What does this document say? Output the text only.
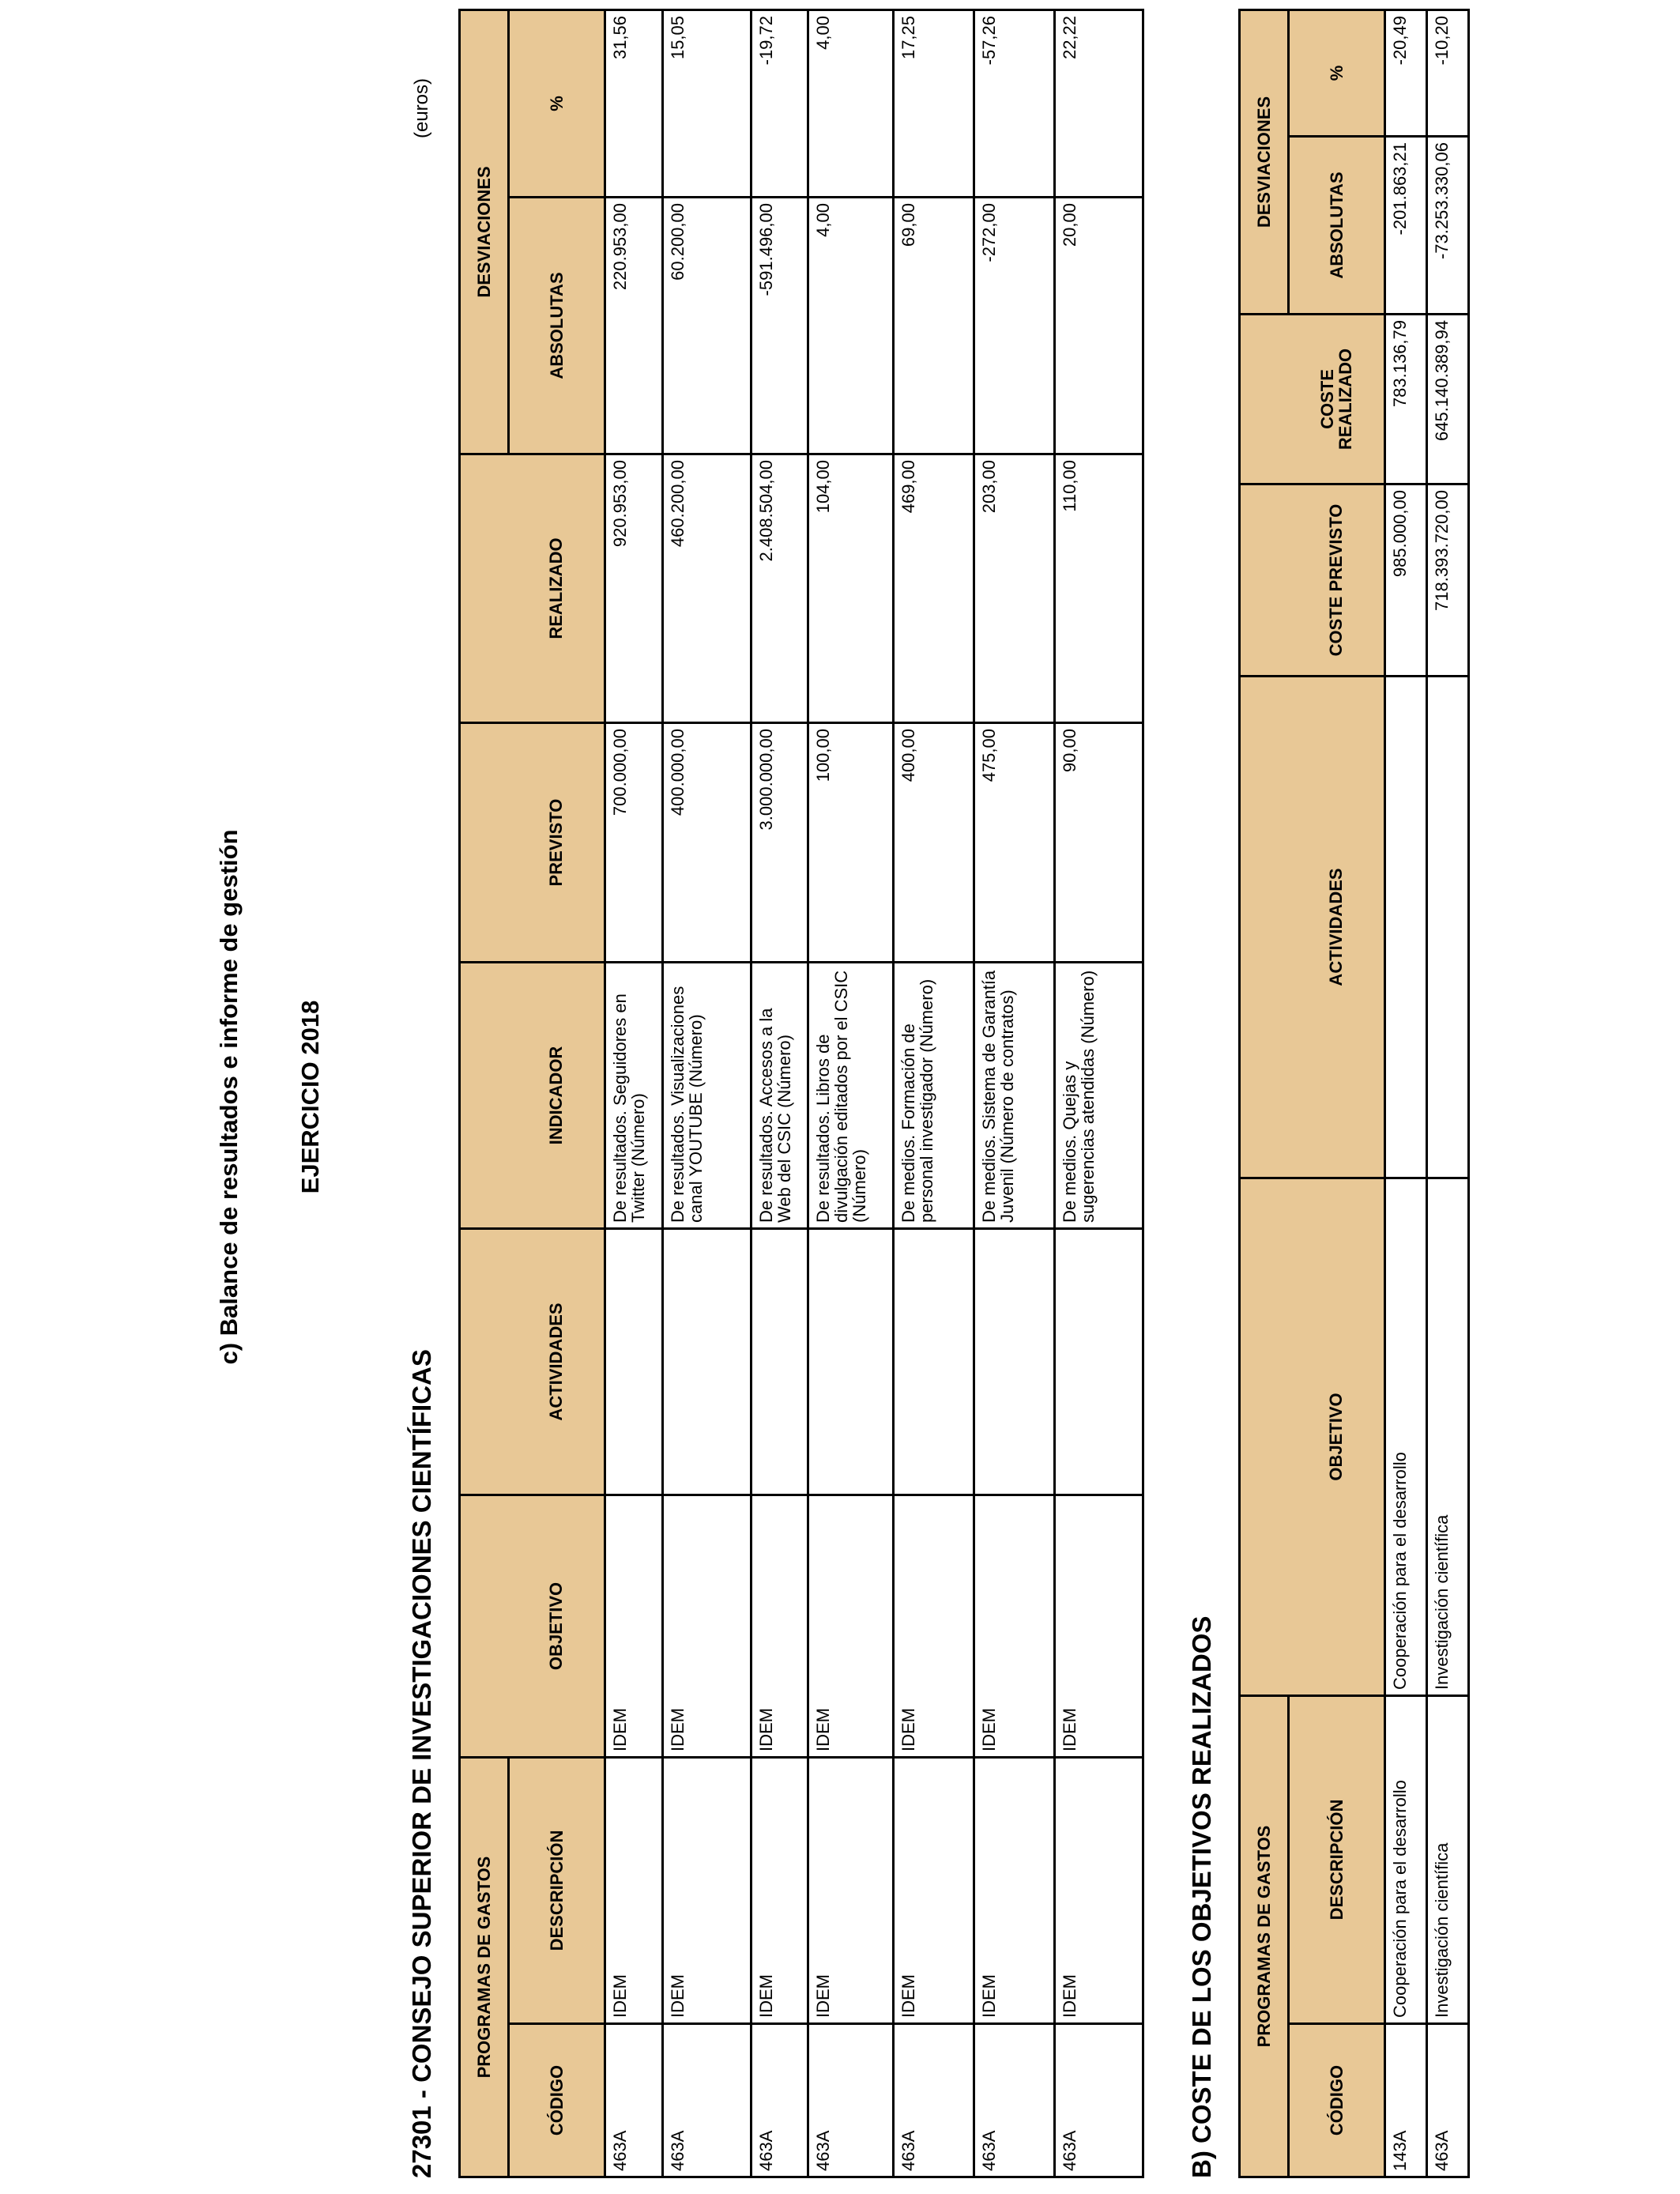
c) Balance de resultados e informe de gestión EJERCICIO 2018
27301 - CONSEJO SUPERIOR DE INVESTIGACIONES CIENTÍFICAS
(euros)
PROGRAMAS DE GASTOS							DESVIACIONES	
CÓDIGO	DESCRIPCIÓN	OBJETIVO	ACTIVIDADES	INDICADOR	PREVISTO	REALIZADO	ABSOLUTAS	%
463A	IDEM	IDEM		De resultados. Seguidores en Twitter (Número)	700.000,00	920.953,00	220.953,00	31,56
463A	IDEM	IDEM		De resultados. Visualizaciones canal YOUTUBE (Número)	400.000,00	460.200,00	60.200,00	15,05
463A	IDEM	IDEM		De resultados. Accesos a la Web del CSIC (Número)	3.000.000,00	2.408.504,00	-591.496,00	-19,72
463A	IDEM	IDEM		De resultados. Libros de divulgación editados por el CSIC (Número)	100,00	104,00	4,00	4,00
463A	IDEM	IDEM		De medios. Formación de personal investigador (Número)	400,00	469,00	69,00	17,25
463A	IDEM	IDEM		De medios. Sistema de Garantía Juvenil (Número de contratos)	475,00	203,00	-272,00	-57,26
463A	IDEM	IDEM		De medios. Quejas y sugerencias atendidas (Número)	90,00	110,00	20,00	22,22
B) COSTE DE LOS OBJETIVOS REALIZADOS PROGRAMAS DE GASTOS						DESVIACIONES	
CÓDIGO	DESCRIPCIÓN	OBJETIVO	ACTIVIDADES	COSTE PREVISTO	COSTE REALIZADO	ABSOLUTAS	%
143A	Cooperación para el desarrollo	Cooperación para el desarrollo		985.000,00	783.136,79	-201.863,21	-20,49
463A	Investigación científica	Investigación científica		718.393.720,00	645.140.389,94	-73.253.330,06	-10,20
